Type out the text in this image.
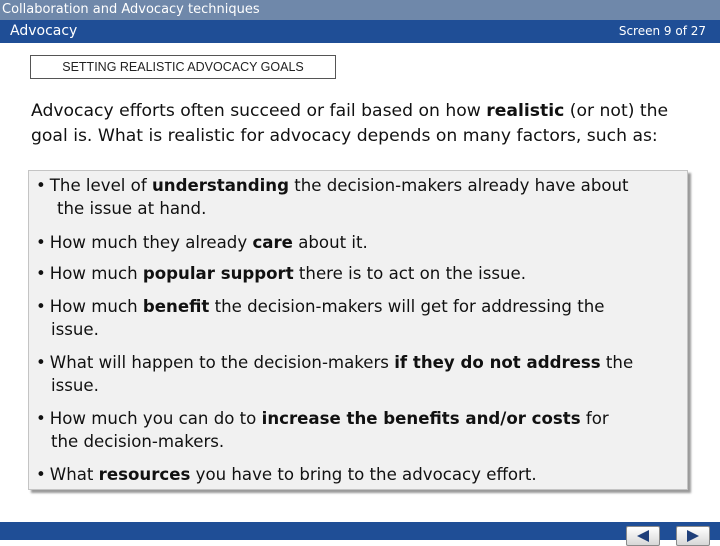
Collaboration and Advocacy techniques
Advocacy	Screen 9 of 27
SETTING REALISTIC ADVOCACY GOALS
Advocacy efforts often succeed or fail based on how realistic (or not) the goal is. What is realistic for advocacy depends on many factors, such as:
• The level of understanding the decision-makers already have about
the issue at hand.
• How much they already care about it.
• How much popular support there is to act on the issue.
• How much benefit the decision-makers will get for addressing the
issue.
• What will happen to the decision-makers if they do not address the
issue.
• How much you can do to increase the benefits and/or costs for
the decision-makers.
• What resources you have to bring to the advocacy effort.
